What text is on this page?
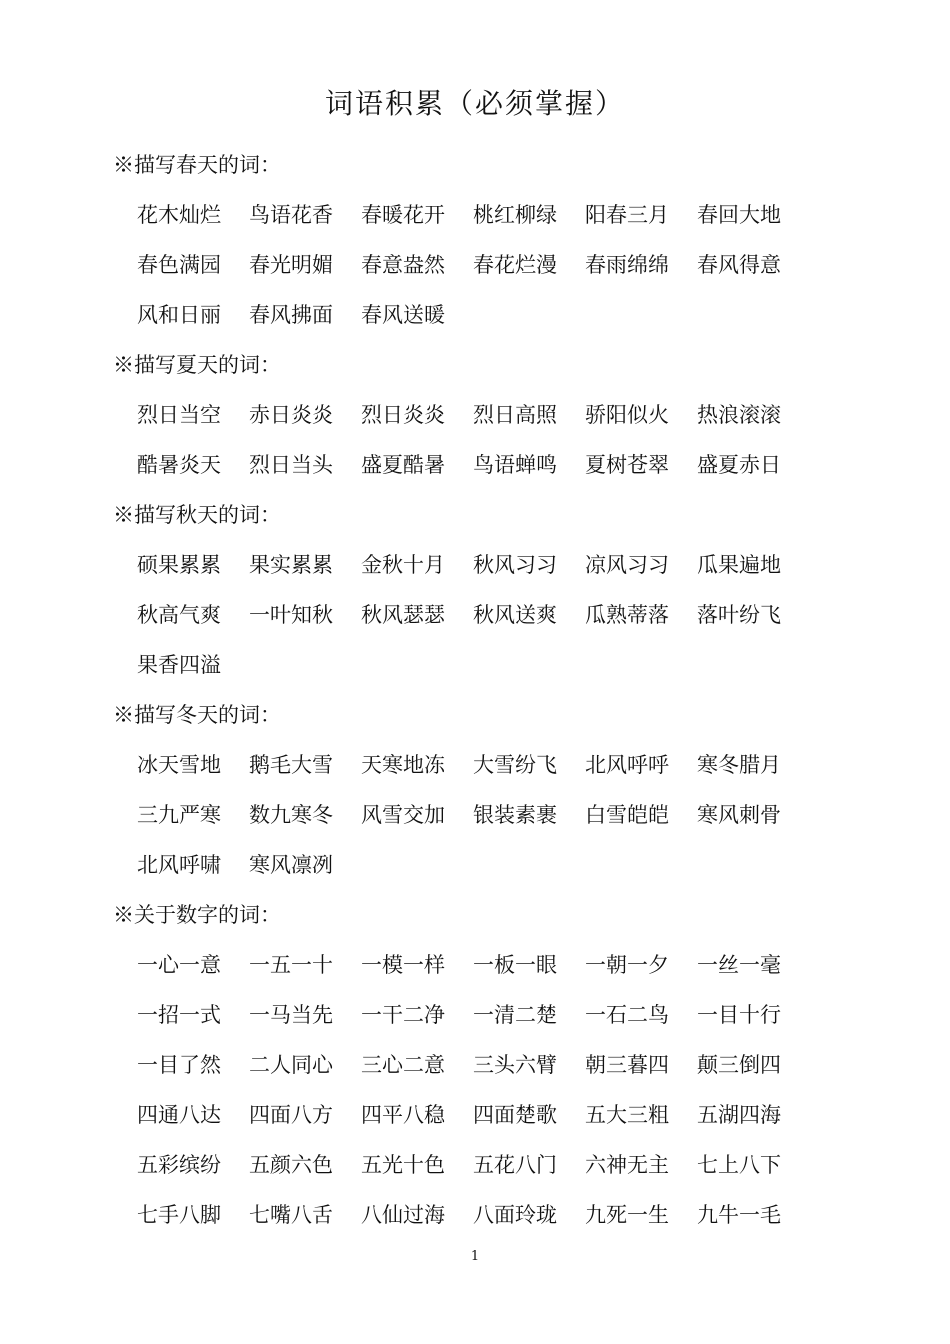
词语积累（必须掌握）
※描写春天的词：
花木灿烂	鸟语花香	春暖花开	桃红柳绿	阳春三月	春回大地
春色满园	春光明媚	春意盎然	春花烂漫	春雨绵绵	春风得意
风和日丽	春风拂面	春风送暖
※描写夏天的词：
烈日当空	赤日炎炎	烈日炎炎	烈日高照	骄阳似火	热浪滚滚
酷暑炎天	烈日当头	盛夏酷暑	鸟语蝉鸣	夏树苍翠	盛夏赤日
※描写秋天的词：
硕果累累	果实累累	金秋十月	秋风习习	凉风习习	瓜果遍地
秋高气爽	一叶知秋	秋风瑟瑟	秋风送爽	瓜熟蒂落	落叶纷飞
果香四溢
※描写冬天的词：
冰天雪地	鹅毛大雪	天寒地冻	大雪纷飞	北风呼呼	寒冬腊月
三九严寒	数九寒冬	风雪交加	银装素裹	白雪皑皑	寒风刺骨
北风呼啸	寒风凛冽
※关于数字的词：
一心一意	一五一十	一模一样	一板一眼	一朝一夕	一丝一毫
一招一式	一马当先	一干二净	一清二楚	一石二鸟	一目十行
一目了然	二人同心	三心二意	三头六臂	朝三暮四	颠三倒四
四通八达	四面八方	四平八稳	四面楚歌	五大三粗	五湖四海
五彩缤纷	五颜六色	五光十色	五花八门	六神无主	七上八下
七手八脚	七嘴八舌	八仙过海	八面玲珑	九死一生	九牛一毛
1
